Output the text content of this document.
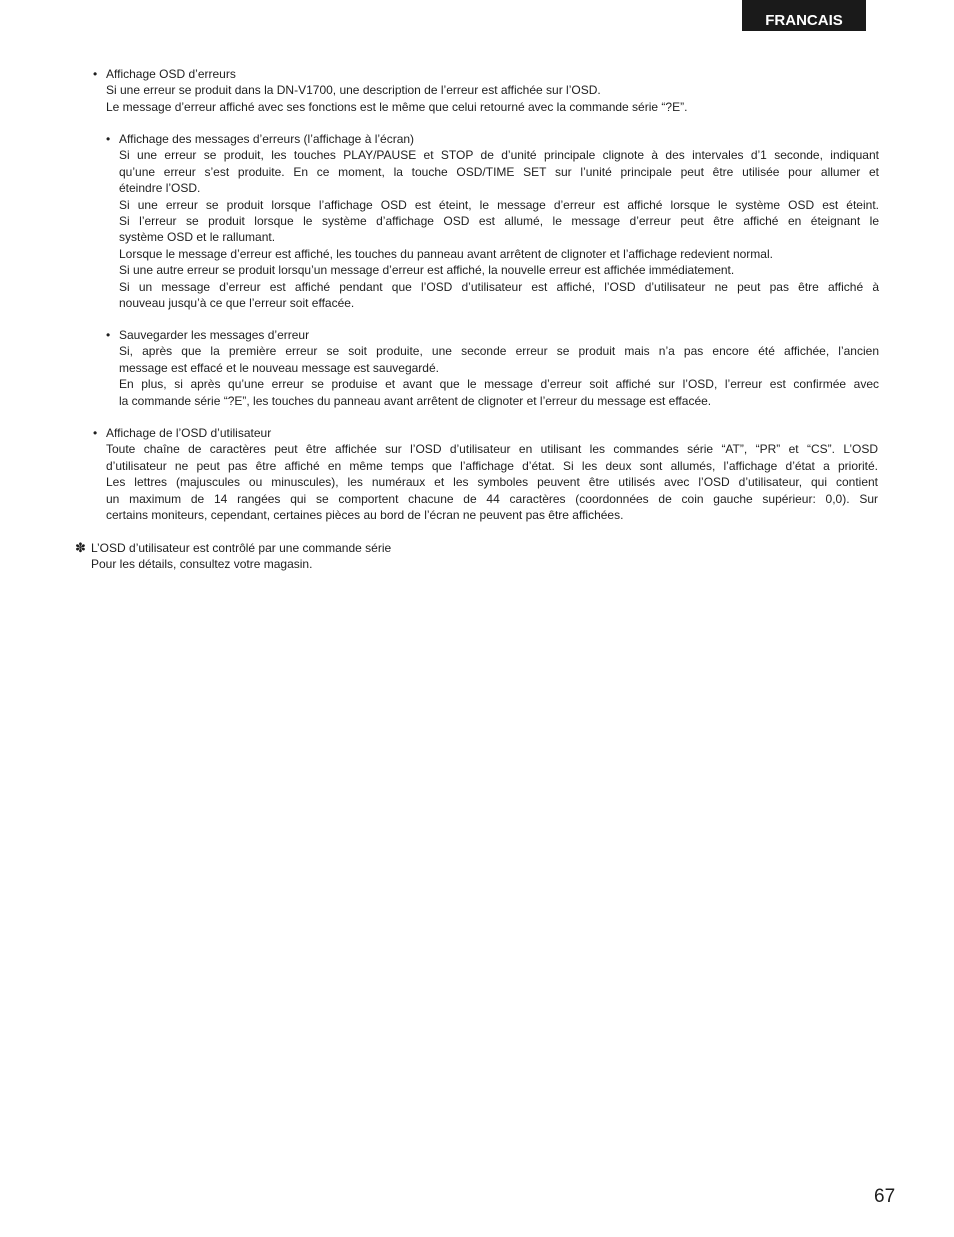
FRANCAIS
• Affichage OSD d’erreurs
Si une erreur se produit dans la DN-V1700, une description de l’erreur est affichée sur l’OSD.
Le message d’erreur affiché avec ses fonctions est le même que celui retourné avec la commande série “?E”.
• Affichage des messages d’erreurs (l’affichage à l’écran)
Si une erreur se produit, les touches PLAY/PAUSE et STOP de d’unité principale clignote à des intervales d’1 seconde, indiquant
qu’une erreur s’est produite. En ce moment, la touche OSD/TIME SET sur l’unité principale peut être utilisée pour allumer et
éteindre l’OSD.
Si une erreur se produit lorsque l’affichage OSD est éteint, le message d’erreur est affiché lorsque le système OSD est éteint.
Si l’erreur se produit lorsque le système d’affichage OSD est allumé, le message d’erreur peut être affiché en éteignant le
système OSD et le rallumant.
Lorsque le message d’erreur est affiché, les touches du panneau avant arrêtent de clignoter et l’affichage redevient normal.
Si une autre erreur se produit lorsqu’un message d’erreur est affiché, la nouvelle erreur est affichée immédiatement.
Si un message d’erreur est affiché pendant que l’OSD d’utilisateur est affiché, l’OSD d’utilisateur ne peut pas être affiché à
nouveau jusqu’à ce que l’erreur soit effacée.
• Sauvegarder les messages d’erreur
Si, après que la première erreur se soit produite, une seconde erreur se produit mais n’a pas encore été affichée, l’ancien
message est effacé et le nouveau message est sauvegardé.
En plus, si après qu’une erreur se produise et avant que le message d’erreur soit affiché sur l’OSD, l’erreur est confirmée avec
la commande série “?E”, les touches du panneau avant arrêtent de clignoter et l’erreur du message est effacée.
• Affichage de l’OSD d’utilisateur
Toute chaîne de caractères peut être affichée sur l’OSD d’utilisateur en utilisant les commandes série “AT”, “PR” et “CS”. L’OSD
d’utilisateur ne peut pas être affiché en même temps que l’affichage d’état. Si les deux sont allumés, l’affichage d’état a priorité.
Les lettres (majuscules ou minuscules), les numéraux et les symboles peuvent être utilisés avec l’OSD d’utilisateur, qui contient
un maximum de 14 rangées qui se comportent chacune de 44 caractères (coordonnées de coin gauche supérieur: 0,0). Sur
certains moniteurs, cependant, certaines pièces au bord de l’écran ne peuvent pas être affichées.
✽ L’OSD d’utilisateur est contrôlé par une commande série
Pour les détails, consultez votre magasin.
67
